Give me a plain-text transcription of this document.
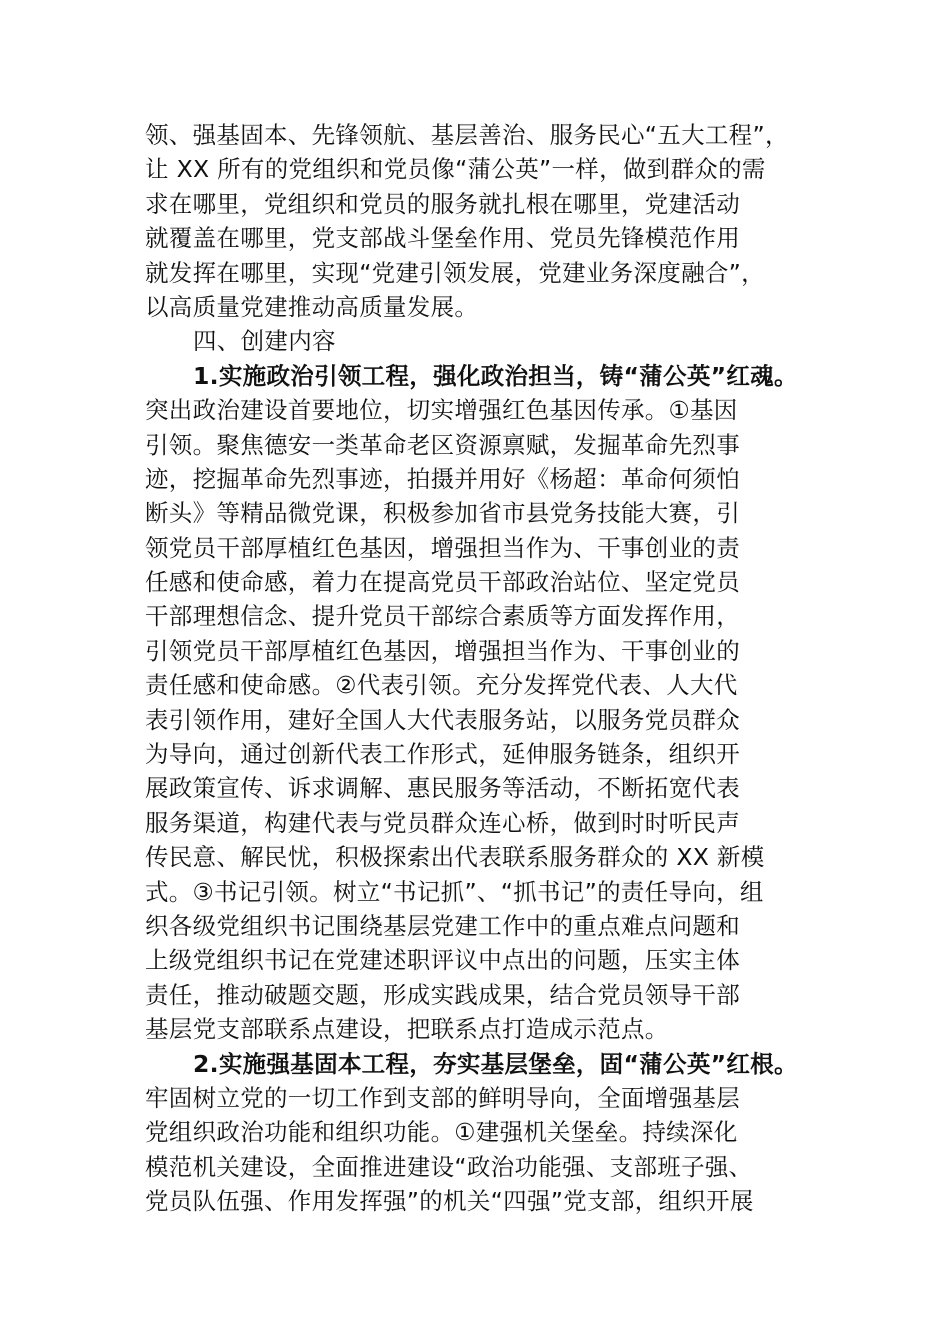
领、强基固本、先锋领航、基层善治、服务民心“五大工程”，
让 XX 所有的党组织和党员像“蒲公英”一样，做到群众的需
求在哪里，党组织和党员的服务就扎根在哪里，党建活动
就覆盖在哪里，党支部战斗堡垒作用、党员先锋模范作用
就发挥在哪里，实现“党建引领发展，党建业务深度融合”，
以高质量党建推动高质量发展。
四、创建内容
1.实施政治引领工程，强化政治担当，铸“蒲公英”红魂。
突出政治建设首要地位，切实增强红色基因传承。①基因
引领。聚焦德安一类革命老区资源禀赋，发掘革命先烈事
迹，挖掘革命先烈事迹，拍摄并用好《杨超：革命何须怕
断头》等精品微党课，积极参加省市县党务技能大赛，引
领党员干部厚植红色基因，增强担当作为、干事创业的责
任感和使命感，着力在提高党员干部政治站位、坚定党员
干部理想信念、提升党员干部综合素质等方面发挥作用，
引领党员干部厚植红色基因，增强担当作为、干事创业的
责任感和使命感。②代表引领。充分发挥党代表、人大代
表引领作用，建好全国人大代表服务站，以服务党员群众
为导向，通过创新代表工作形式，延伸服务链条，组织开
展政策宣传、诉求调解、惠民服务等活动，不断拓宽代表
服务渠道，构建代表与党员群众连心桥，做到时时听民声
传民意、解民忧，积极探索出代表联系服务群众的 XX 新模
式。③书记引领。树立“书记抓”、“抓书记”的责任导向，组
织各级党组织书记围绕基层党建工作中的重点难点问题和
上级党组织书记在党建述职评议中点出的问题，压实主体
责任，推动破题交题，形成实践成果，结合党员领导干部
基层党支部联系点建设，把联系点打造成示范点。
2.实施强基固本工程，夯实基层堡垒，固“蒲公英”红根。
牢固树立党的一切工作到支部的鲜明导向，全面增强基层
党组织政治功能和组织功能。①建强机关堡垒。持续深化
模范机关建设，全面推进建设“政治功能强、支部班子强、
党员队伍强、作用发挥强”的机关“四强”党支部，组织开展
